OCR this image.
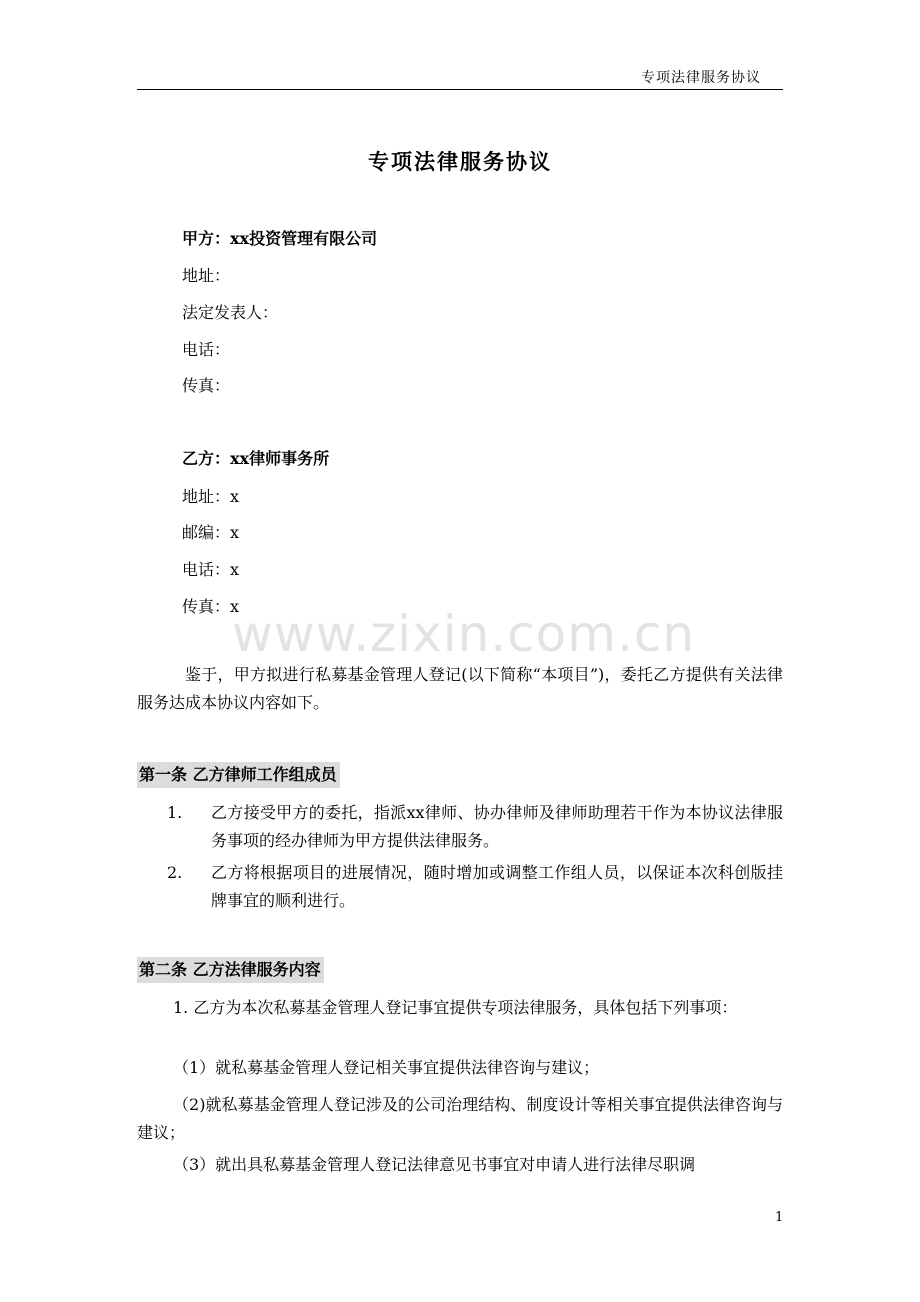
专项法律服务协议
专项法律服务协议
甲方：xx投资管理有限公司
地址：
法定发表人：
电话：
传真：
乙方：xx律师事务所
地址：x
邮编：x
电话：x
传真：x
www.zixin.com.cn
鉴于，甲方拟进行私募基金管理人登记(以下简称“本项目”)，委托乙方提供有关法律服务达成本协议内容如下。
第一条 乙方律师工作组成员
1. 乙方接受甲方的委托，指派xx律师、协办律师及律师助理若干作为本协议法律服务事项的经办律师为甲方提供法律服务。
2. 乙方将根据项目的进展情况，随时增加或调整工作组人员，以保证本次科创版挂牌事宜的顺利进行。
第二条 乙方法律服务内容
1. 乙方为本次私募基金管理人登记事宜提供专项法律服务，具体包括下列事项：
（1）就私募基金管理人登记相关事宜提供法律咨询与建议；
（2)就私募基金管理人登记涉及的公司治理结构、制度设计等相关事宜提供法律咨询与建议；
（3）就出具私募基金管理人登记法律意见书事宜对申请人进行法律尽职调
1
